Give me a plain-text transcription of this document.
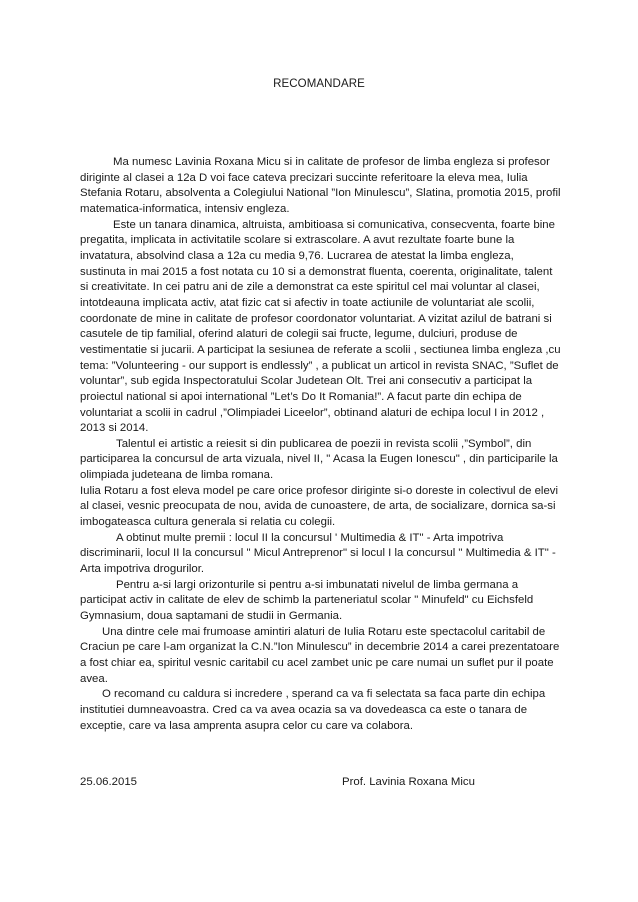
RECOMANDARE

Ma numesc Lavinia Roxana Micu si in calitate de profesor de limba engleza si profesor diriginte al clasei a 12a D voi face cateva precizari succinte referitoare la eleva mea, Iulia Stefania Rotaru, absolventa a Colegiului National ”Ion Minulescu”, Slatina, promotia 2015, profil matematica-informatica, intensiv engleza.

Este un tanara dinamica, altruista, ambitioasa si comunicativa, consecventa, foarte bine pregatita, implicata in activitatile scolare si extrascolare. A avut rezultate foarte bune la invatatura, absolvind clasa a 12a cu media 9,76. Lucrarea de atestat la limba engleza, sustinuta in mai 2015 a fost notata cu 10 si a demonstrat fluenta, coerenta, originalitate, talent si creativitate. In cei patru ani de zile a demonstrat ca este spiritul cel mai voluntar al clasei, intotdeauna implicata activ, atat fizic cat si afectiv in toate actiunile de voluntariat ale scolii, coordonate de mine in calitate de profesor coordonator voluntariat. A vizitat azilul de batrani si casutele de tip familial, oferind alaturi de colegii sai fructe, legume, dulciuri, produse de vestimentatie si jucarii. A participat la sesiunea de referate a scolii , sectiunea limba engleza ,cu tema: ”Volunteering - our support is endlessly” , a publicat un articol in revista SNAC, ”Suflet de voluntar”, sub egida Inspectoratului Scolar Judetean Olt. Trei ani consecutiv a participat la proiectul national si apoi international ”Let’s Do It Romania!”. A facut parte din echipa de voluntariat a scolii in cadrul ,”Olimpiadei Liceelor”, obtinand alaturi de echipa locul I in 2012 , 2013 si 2014.

Talentul ei artistic a reiesit si din publicarea de poezii in revista scolii ,”Symbol”, din participarea la concursul de arta vizuala, nivel II, " Acasa la Eugen Ionescu" , din participarile la olimpiada judeteana de limba romana.

Iulia Rotaru a fost eleva model pe care orice profesor diriginte si-o doreste in colectivul de elevi al clasei, vesnic preocupata de nou, avida de cunoastere, de arta, de socializare, dornica sa-si imbogateasca cultura generala si relatia cu colegii.

A obtinut multe premii : locul II la concursul ' Multimedia & IT" - Arta impotriva discriminarii, locul II la concursul " Micul Antreprenor" si locul I la concursul " Multimedia & IT" - Arta impotriva drogurilor.

Pentru a-si largi orizonturile si pentru a-si imbunatati nivelul de limba germana a participat activ in calitate de elev de schimb la parteneriatul scolar " Minufeld" cu Eichsfeld Gymnasium, doua saptamani de studii in Germania.

Una dintre cele mai frumoase amintiri alaturi de Iulia Rotaru este spectacolul caritabil de Craciun pe care l-am organizat la C.N.”Ion Minulescu” in decembrie 2014 a carei prezentatoare a fost chiar ea, spiritul vesnic caritabil cu acel zambet unic pe care numai un suflet pur il poate avea.

O recomand cu caldura si incredere , sperand ca va fi selectata sa faca parte din echipa institutiei dumneavoastra. Cred ca va avea ocazia sa va dovedeasca ca este o tanara de exceptie, care va lasa amprenta asupra celor cu care va colabora.

25.06.2015	Prof. Lavinia Roxana Micu
